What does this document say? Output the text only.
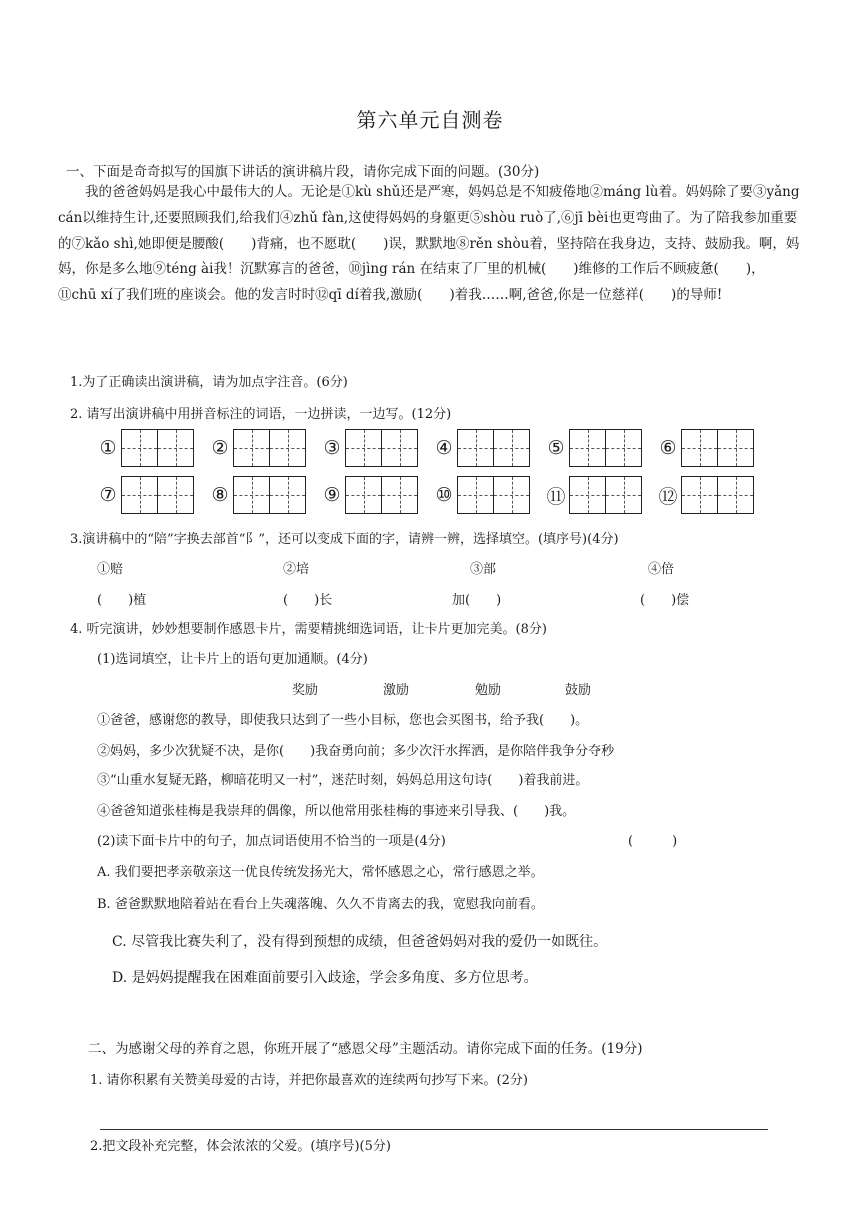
第六单元自测卷
一、下面是奇奇拟写的国旗下讲话的演讲稿片段，请你完成下面的问题。(30分)
我的爸爸妈妈是我心中最伟大的人。无论是①kù shǔ还是严寒，妈妈总是不知疲倦地②máng lù着。妈妈除了要③yǎng cán以维持生计,还要照顾我们,给我们④zhǔ fàn,这使得妈妈的身躯更⑤shòu ruò了,⑥jī bèi也更弯曲了。为了陪我参加重要的⑦kǎo shì,她即便是腰酸(　　)背痛，也不愿耽(　　)误，默默地⑧rěn shòu着，坚持陪在我身边，支持、鼓励我。啊，妈妈，你是多么地⑨téng ài我！沉默寡言的爸爸，⑩jìng rán 在结束了厂里的机械(　　)维修的工作后不顾疲惫(　　)，⑪chū xí了我们班的座谈会。他的发言时时⑫qī dí着我,激励(　　)着我……啊,爸爸,你是一位慈祥(　　)的导师!
1.为了正确读出演讲稿，请为加点字注音。(6分)
2. 请写出演讲稿中用拼音标注的词语，一边拼读，一边写。(12分)
①	②	③	④	⑤	⑥
⑦	⑧	⑨	⑩	⑪	⑫
3.演讲稿中的“陪”字换去部首“阝”，还可以变成下面的字，请辨一辨，选择填空。(填序号)(4分)
①赔	②培	③部	④倍
(　　)植	(　　)长	加(　　)	(　　)偿
4. 听完演讲，妙妙想要制作感恩卡片，需要精挑细选词语，让卡片更加完美。(8分)
(1)选词填空，让卡片上的语句更加通顺。(4分)
奖励	激励	勉励	鼓励
①爸爸，感谢您的教导，即使我只达到了一些小目标，您也会买图书，给予我(　　)。
②妈妈，多少次犹疑不决，是你(　　)我奋勇向前；多少次汗水挥洒，是你陪伴我争分夺秒
③“山重水复疑无路，柳暗花明又一村”，迷茫时刻，妈妈总用这句诗(　　)着我前进。
④爸爸知道张桂梅是我崇拜的偶像，所以他常用张桂梅的事迹来引导我、(　　)我。
(2)读下面卡片中的句子，加点词语使用不恰当的一项是(4分)	(　　　)
A. 我们要把孝亲敬亲这一优良传统发扬光大，常怀感恩之心，常行感恩之举。
B. 爸爸默默地陪着站在看台上失魂落魄、久久不肯离去的我，宽慰我向前看。
C. 尽管我比赛失利了，没有得到预想的成绩，但爸爸妈妈对我的爱仍一如既往。
D. 是妈妈提醒我在困难面前要引入歧途，学会多角度、多方位思考。
二、为感谢父母的养育之恩，你班开展了“感恩父母”主题活动。请你完成下面的任务。(19分)
1. 请你积累有关赞美母爱的古诗，并把你最喜欢的连续两句抄写下来。(2分)
2.把文段补充完整，体会浓浓的父爱。(填序号)(5分)
